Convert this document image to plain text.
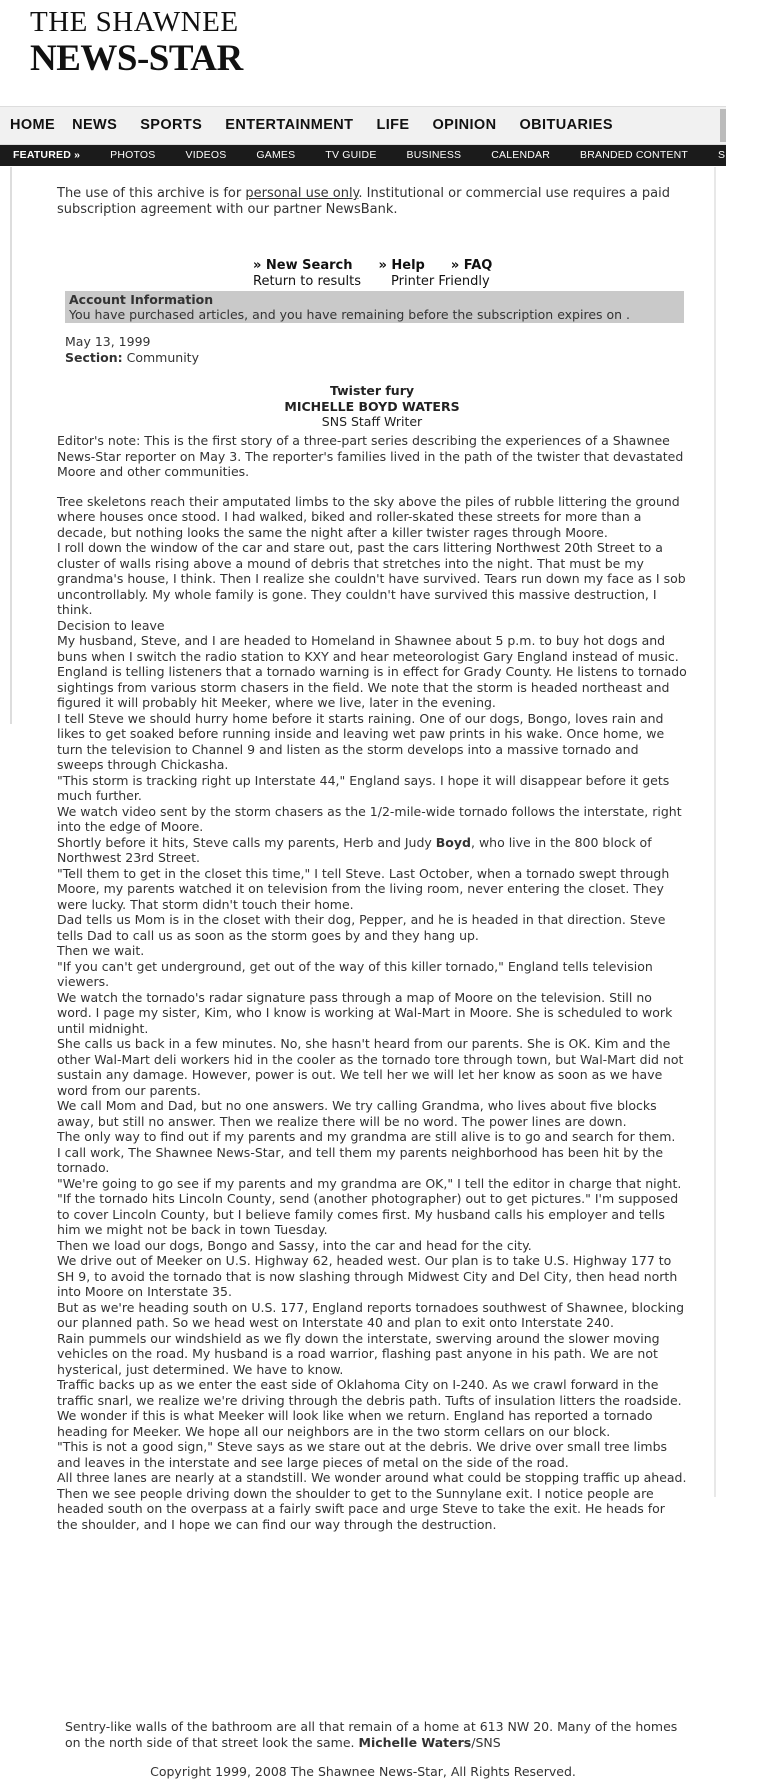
THE SHAWNEE
NEWS-STAR
HOME NEWS SPORTS ENTERTAINMENT LIFE OPINION OBITUARIES
FEATURED »	PHOTOS	VIDEOS	GAMES	TV GUIDE	BUSINESS	CALENDAR	BRANDED CONTENT	SUBMIT YO
The use of this archive is for personal use only. Institutional or commercial use requires a paid subscription agreement with our partner NewsBank.
» New Search » Help » FAQ
Return to results Printer Friendly
Account Information
You have purchased articles, and you have remaining before the subscription expires on .
May 13, 1999
Section: Community
Twister fury
MICHELLE BOYD WATERS
SNS Staff Writer

Editor's note: This is the first story of a three-part series describing the experiences of a Shawnee News-Star reporter on May 3. The reporter's families lived in the path of the twister that devastated Moore and other communities.

Tree skeletons reach their amputated limbs to the sky above the piles of rubble littering the ground where houses once stood. I had walked, biked and roller-skated these streets for more than a decade, but nothing looks the same the night after a killer twister rages through Moore.

I roll down the window of the car and stare out, past the cars littering Northwest 20th Street to a cluster of walls rising above a mound of debris that stretches into the night. That must be my grandma's house, I think. Then I realize she couldn't have survived. Tears run down my face as I sob uncontrollably. My whole family is gone. They couldn't have survived this massive destruction, I think.

Decision to leave

My husband, Steve, and I are headed to Homeland in Shawnee about 5 p.m. to buy hot dogs and buns when I switch the radio station to KXY and hear meteorologist Gary England instead of music.

England is telling listeners that a tornado warning is in effect for Grady County. He listens to tornado sightings from various storm chasers in the field. We note that the storm is headed northeast and figured it will probably hit Meeker, where we live, later in the evening.

I tell Steve we should hurry home before it starts raining. One of our dogs, Bongo, loves rain and likes to get soaked before running inside and leaving wet paw prints in his wake. Once home, we turn the television to Channel 9 and listen as the storm develops into a massive tornado and sweeps through Chickasha.

"This storm is tracking right up Interstate 44," England says. I hope it will disappear before it gets much further.

We watch video sent by the storm chasers as the 1/2-mile-wide tornado follows the interstate, right into the edge of Moore.

Shortly before it hits, Steve calls my parents, Herb and Judy Boyd, who live in the 800 block of Northwest 23rd Street.

"Tell them to get in the closet this time," I tell Steve. Last October, when a tornado swept through Moore, my parents watched it on television from the living room, never entering the closet. They were lucky. That storm didn't touch their home.

Dad tells us Mom is in the closet with their dog, Pepper, and he is headed in that direction. Steve tells Dad to call us as soon as the storm goes by and they hang up.

Then we wait.

"If you can't get underground, get out of the way of this killer tornado," England tells television viewers.

We watch the tornado's radar signature pass through a map of Moore on the television. Still no word. I page my sister, Kim, who I know is working at Wal-Mart in Moore. She is scheduled to work until midnight.

She calls us back in a few minutes. No, she hasn't heard from our parents. She is OK. Kim and the other Wal-Mart deli workers hid in the cooler as the tornado tore through town, but Wal-Mart did not sustain any damage. However, power is out. We tell her we will let her know as soon as we have word from our parents.

We call Mom and Dad, but no one answers. We try calling Grandma, who lives about five blocks away, but still no answer. Then we realize there will be no word. The power lines are down.

The only way to find out if my parents and my grandma are still alive is to go and search for them.

I call work, The Shawnee News-Star, and tell them my parents neighborhood has been hit by the tornado.

"We're going to go see if my parents and my grandma are OK," I tell the editor in charge that night. "If the tornado hits Lincoln County, send (another photographer) out to get pictures." I'm supposed to cover Lincoln County, but I believe family comes first. My husband calls his employer and tells him we might not be back in town Tuesday.

Then we load our dogs, Bongo and Sassy, into the car and head for the city.

We drive out of Meeker on U.S. Highway 62, headed west. Our plan is to take U.S. Highway 177 to SH 9, to avoid the tornado that is now slashing through Midwest City and Del City, then head north into Moore on Interstate 35.

But as we're heading south on U.S. 177, England reports tornadoes southwest of Shawnee, blocking our planned path. So we head west on Interstate 40 and plan to exit onto Interstate 240.

Rain pummels our windshield as we fly down the interstate, swerving around the slower moving vehicles on the road. My husband is a road warrior, flashing past anyone in his path. We are not hysterical, just determined. We have to know.

Traffic backs up as we enter the east side of Oklahoma City on I-240. As we crawl forward in the traffic snarl, we realize we're driving through the debris path. Tufts of insulation litters the roadside. We wonder if this is what Meeker will look like when we return. England has reported a tornado heading for Meeker. We hope all our neighbors are in the two storm cellars on our block.

"This is not a good sign," Steve says as we stare out at the debris. We drive over small tree limbs and leaves in the interstate and see large pieces of metal on the side of the road.

All three lanes are nearly at a standstill. We wonder around what could be stopping traffic up ahead. Then we see people driving down the shoulder to get to the Sunnylane exit. I notice people are headed south on the overpass at a fairly swift pace and urge Steve to take the exit. He heads for the shoulder, and I hope we can find our way through the destruction.

Sentry-like walls of the bathroom are all that remain of a home at 613 NW 20. Many of the homes on the north side of that street look the same. Michelle Waters/SNS
Copyright 1999, 2008 The Shawnee News-Star, All Rights Reserved.
